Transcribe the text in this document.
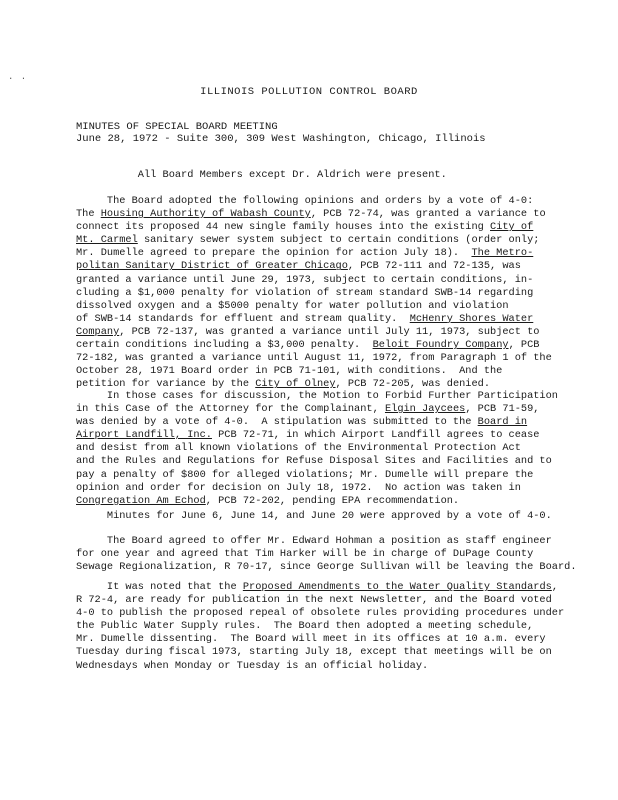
. .
ILLINOIS POLLUTION CONTROL BOARD
MINUTES OF SPECIAL BOARD MEETING
June 28, 1972 - Suite 300, 309 West Washington, Chicago, Illinois
All Board Members except Dr. Aldrich were present.
The Board adopted the following opinions and orders by a vote of 4-0:
The Housing Authority of Wabash County, PCB 72-74, was granted a variance to
connect its proposed 44 new single family houses into the existing City of
Mt. Carmel sanitary sewer system subject to certain conditions (order only;
Mr. Dumelle agreed to prepare the opinion for action July 18).  The Metro-
politan Sanitary District of Greater Chicago, PCB 72-111 and 72-135, was
granted a variance until June 29, 1973, subject to certain conditions, in-
cluding a $1,000 penalty for violation of stream standard SWB-14 regarding
dissolved oxygen and a $5000 penalty for water pollution and violation
of SWB-14 standards for effluent and stream quality.  McHenry Shores Water
Company, PCB 72-137, was granted a variance until July 11, 1973, subject to
certain conditions including a $3,000 penalty.  Beloit Foundry Company, PCB
72-182, was granted a variance until August 11, 1972, from Paragraph 1 of the
October 28, 1971 Board order in PCB 71-101, with conditions.  And the
petition for variance by the City of Olney, PCB 72-205, was denied.
In those cases for discussion, the Motion to Forbid Further Participation
in this Case of the Attorney for the Complainant, Elgin Jaycees, PCB 71-59,
was denied by a vote of 4-0.  A stipulation was submitted to the Board in
Airport Landfill, Inc. PCB 72-71, in which Airport Landfill agrees to cease
and desist from all known violations of the Environmental Protection Act
and the Rules and Regulations for Refuse Disposal Sites and Facilities and to
pay a penalty of $800 for alleged violations; Mr. Dumelle will prepare the
opinion and order for decision on July 18, 1972.  No action was taken in
Congregation Am Echod, PCB 72-202, pending EPA recommendation.
Minutes for June 6, June 14, and June 20 were approved by a vote of 4-0.
The Board agreed to offer Mr. Edward Hohman a position as staff engineer
for one year and agreed that Tim Harker will be in charge of DuPage County
Sewage Regionalization, R 70-17, since George Sullivan will be leaving the Board.
It was noted that the Proposed Amendments to the Water Quality Standards,
R 72-4, are ready for publication in the next Newsletter, and the Board voted
4-0 to publish the proposed repeal of obsolete rules providing procedures under
the Public Water Supply rules.  The Board then adopted a meeting schedule,
Mr. Dumelle dissenting.  The Board will meet in its offices at 10 a.m. every
Tuesday during fiscal 1973, starting July 18, except that meetings will be on
Wednesdays when Monday or Tuesday is an official holiday.
